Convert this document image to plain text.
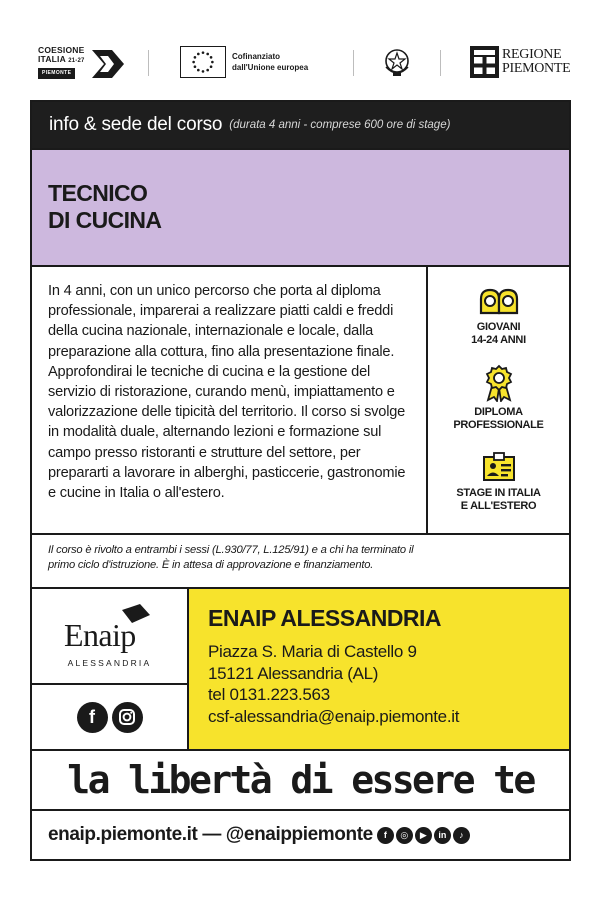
COESIONE
ITALIA 21-27
PIEMONTE
Cofinanziato
dall'Unione europea
REGIONE
PIEMONTE
info & sede del corso (durata 4 anni - comprese 600 ore di stage)
TECNICO
DI CUCINA

In 4 anni, con un unico percorso che porta al diploma professionale, imparerai a realizzare piatti caldi e freddi della cucina nazionale, internazionale e locale, dalla preparazione alla cottura, fino alla presentazione finale. Approfondirai le tecniche di cucina e la gestione del servizio di ristorazione, curando menù, impiattamento e valorizzazione delle tipicità del territorio. Il corso si svolge in modalità duale, alternando lezioni e formazione sul campo presso ristoranti e strutture del settore, per prepararti a lavorare in alberghi, pasticcerie, gastronomie e cucine in Italia o all'estero.

GIOVANI
14-24 ANNI
DIPLOMA
PROFESSIONALE
STAGE IN ITALIA
E ALL'ESTERO
Il corso è rivolto a entrambi i sessi (L.930/77, L.125/91) e a chi ha terminato il
primo ciclo d'istruzione. È in attesa di approvazione e finanziamento.
Enaip
ALESSANDRIA
f
ENAIP ALESSANDRIA
Piazza S. Maria di Castello 9
15121 Alessandria (AL)
tel 0131.223.563
csf-alessandria@enaip.piemonte.it
la libertà di essere te
enaip.piemonte.it — @enaippiemonte	f	◎	▶	in	♪
